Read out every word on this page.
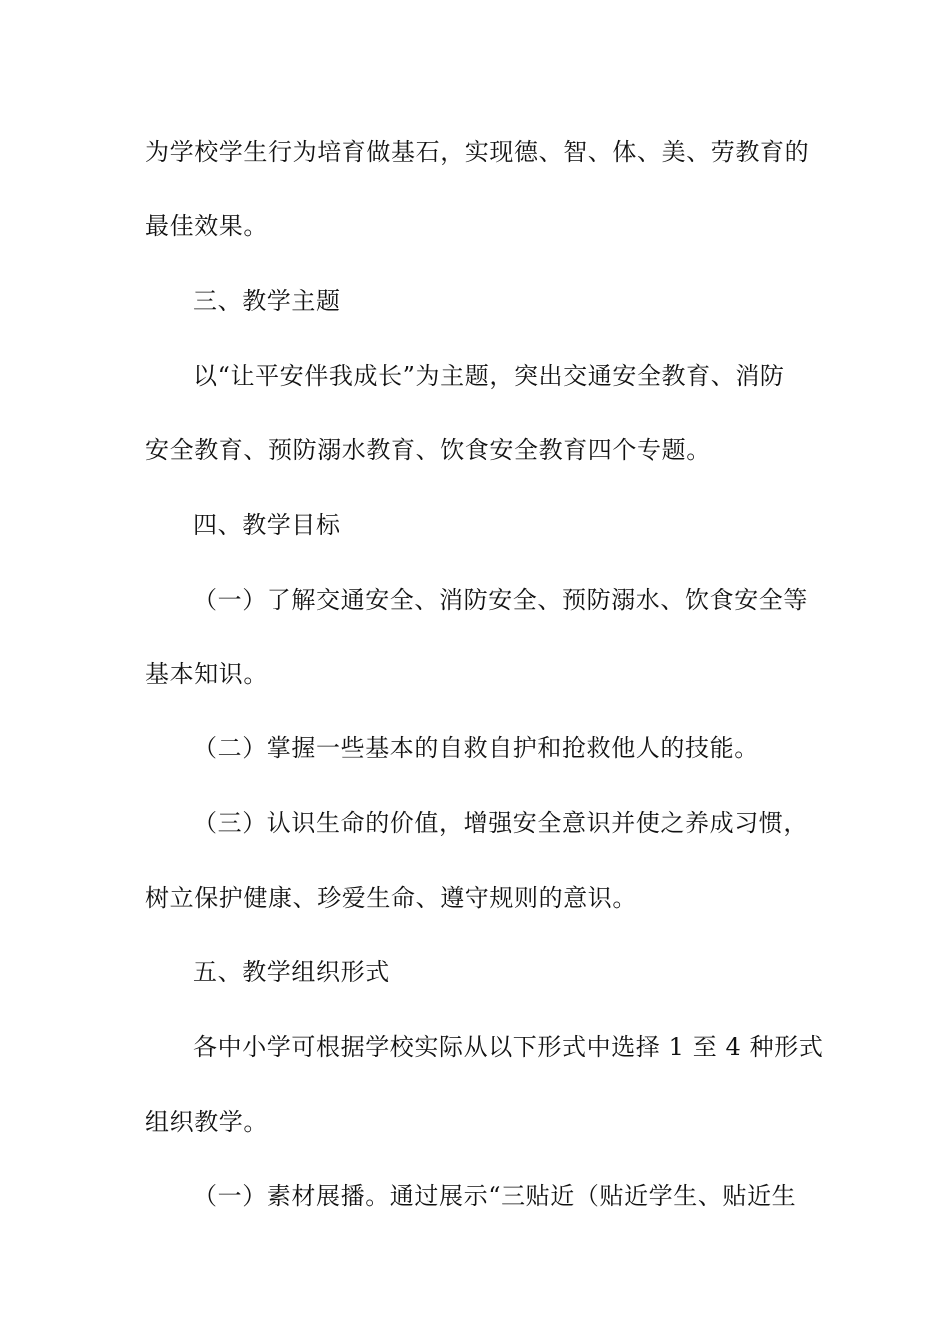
为学校学生行为培育做基石，实现德、智、体、美、劳教育的
最佳效果。
三、教学主题
以“让平安伴我成长”为主题，突出交通安全教育、消防
安全教育、预防溺水教育、饮食安全教育四个专题。
四、教学目标
（一）了解交通安全、消防安全、预防溺水、饮食安全等
基本知识。
（二）掌握一些基本的自救自护和抢救他人的技能。
（三）认识生命的价值，增强安全意识并使之养成习惯，
树立保护健康、珍爱生命、遵守规则的意识。
五、教学组织形式
各中小学可根据学校实际从以下形式中选择 1 至 4 种形式
组织教学。
（一）素材展播。通过展示“三贴近（贴近学生、贴近生
